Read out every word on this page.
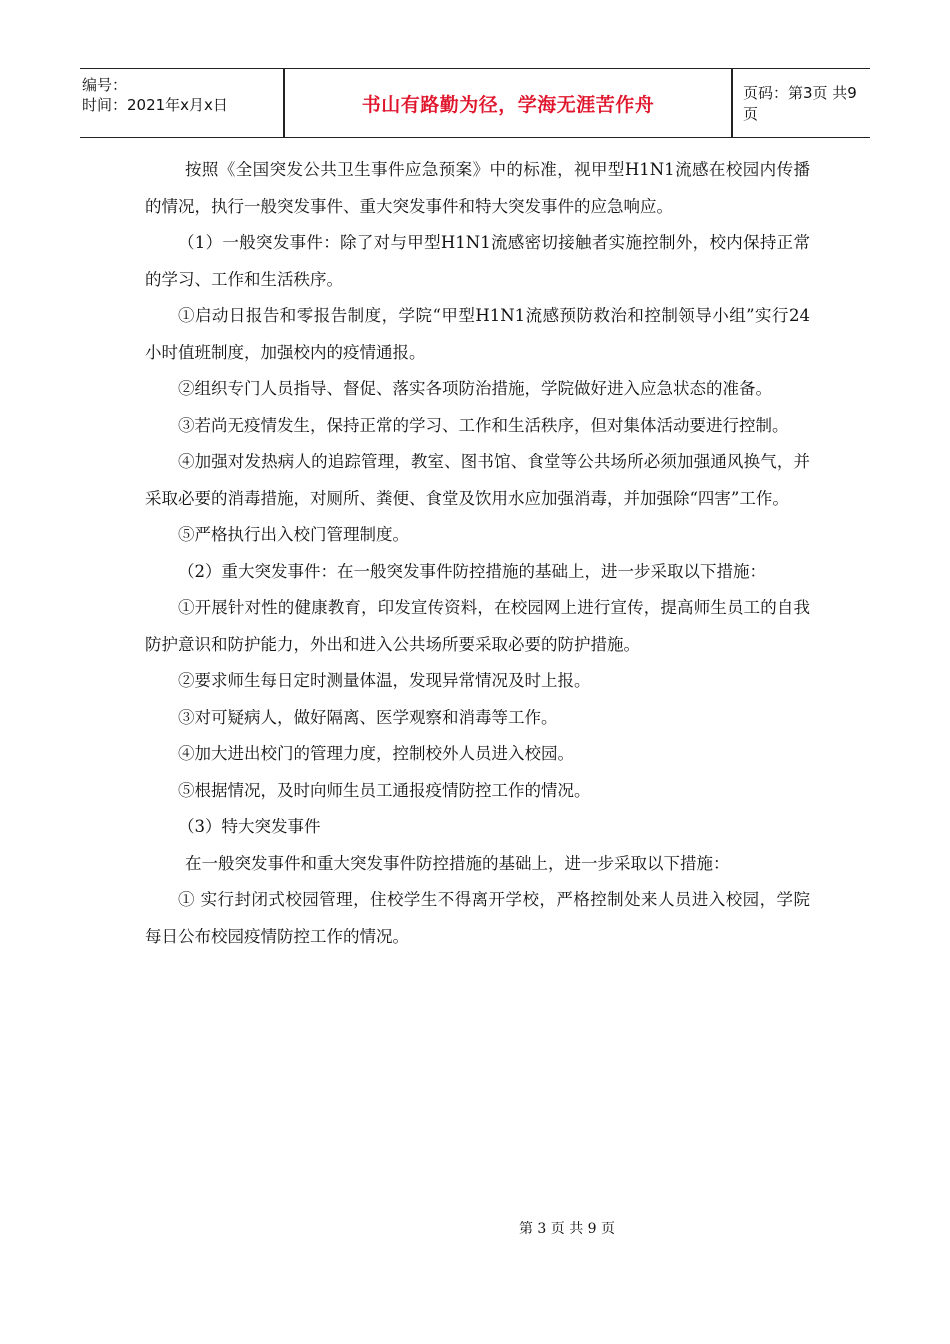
编号：
时间：2021年x月x日	书山有路勤为径，学海无涯苦作舟
页码：第3页 共9页

按照《全国突发公共卫生事件应急预案》中的标准，视甲型H1N1流感在校园内传播的情况，执行一般突发事件、重大突发事件和特大突发事件的应急响应。

（1）一般突发事件：除了对与甲型H1N1流感密切接触者实施控制外，校内保持正常的学习、工作和生活秩序。

①启动日报告和零报告制度，学院“甲型H1N1流感预防救治和控制领导小组”实行24小时值班制度，加强校内的疫情通报。

②组织专门人员指导、督促、落实各项防治措施，学院做好进入应急状态的准备。

③若尚无疫情发生，保持正常的学习、工作和生活秩序，但对集体活动要进行控制。

④加强对发热病人的追踪管理，教室、图书馆、食堂等公共场所必须加强通风换气，并采取必要的消毒措施，对厕所、粪便、食堂及饮用水应加强消毒，并加强除“四害”工作。

⑤严格执行出入校门管理制度。

（2）重大突发事件：在一般突发事件防控措施的基础上，进一步采取以下措施：

①开展针对性的健康教育，印发宣传资料，在校园网上进行宣传，提高师生员工的自我防护意识和防护能力，外出和进入公共场所要采取必要的防护措施。

②要求师生每日定时测量体温，发现异常情况及时上报。

③对可疑病人，做好隔离、医学观察和消毒等工作。

④加大进出校门的管理力度，控制校外人员进入校园。

⑤根据情况，及时向师生员工通报疫情防控工作的情况。

（3）特大突发事件

在一般突发事件和重大突发事件防控措施的基础上，进一步采取以下措施：

① 实行封闭式校园管理，住校学生不得离开学校，严格控制处来人员进入校园，学院每日公布校园疫情防控工作的情况。

第 3 页 共 9 页
